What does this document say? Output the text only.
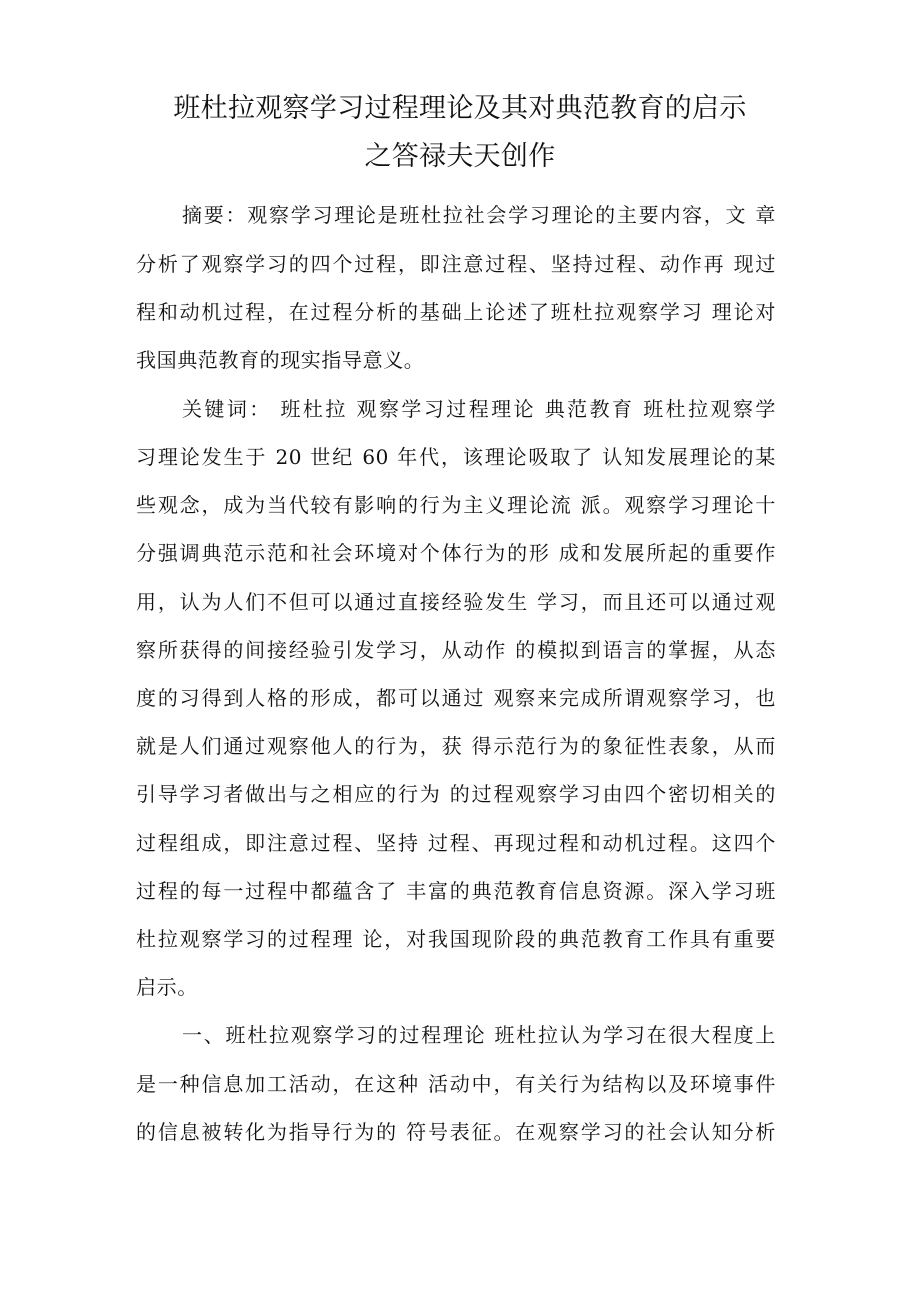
班杜拉观察学习过程理论及其对典范教育的启示
之答禄夫天创作
摘要：观察学习理论是班杜拉社会学习理论的主要内容，文 章
分析了观察学习的四个过程，即注意过程、坚持过程、动作再 现过
程和动机过程，在过程分析的基础上论述了班杜拉观察学习 理论对
我国典范教育的现实指导意义。
关键词： 班杜拉 观察学习过程理论 典范教育 班杜拉观察学
习理论发生于 20 世纪 60 年代，该理论吸取了 认知发展理论的某
些观念，成为当代较有影响的行为主义理论流 派。观察学习理论十
分强调典范示范和社会环境对个体行为的形 成和发展所起的重要作
用，认为人们不但可以通过直接经验发生 学习，而且还可以通过观
察所获得的间接经验引发学习，从动作 的模拟到语言的掌握，从态
度的习得到人格的形成，都可以通过 观察来完成所谓观察学习，也
就是人们通过观察他人的行为，获 得示范行为的象征性表象，从而
引导学习者做出与之相应的行为 的过程观察学习由四个密切相关的
过程组成，即注意过程、坚持 过程、再现过程和动机过程。这四个
过程的每一过程中都蕴含了 丰富的典范教育信息资源。深入学习班
杜拉观察学习的过程理 论，对我国现阶段的典范教育工作具有重要
启示。
一、班杜拉观察学习的过程理论 班杜拉认为学习在很大程度上
是一种信息加工活动，在这种 活动中，有关行为结构以及环境事件
的信息被转化为指导行为的 符号表征。在观察学习的社会认知分析
